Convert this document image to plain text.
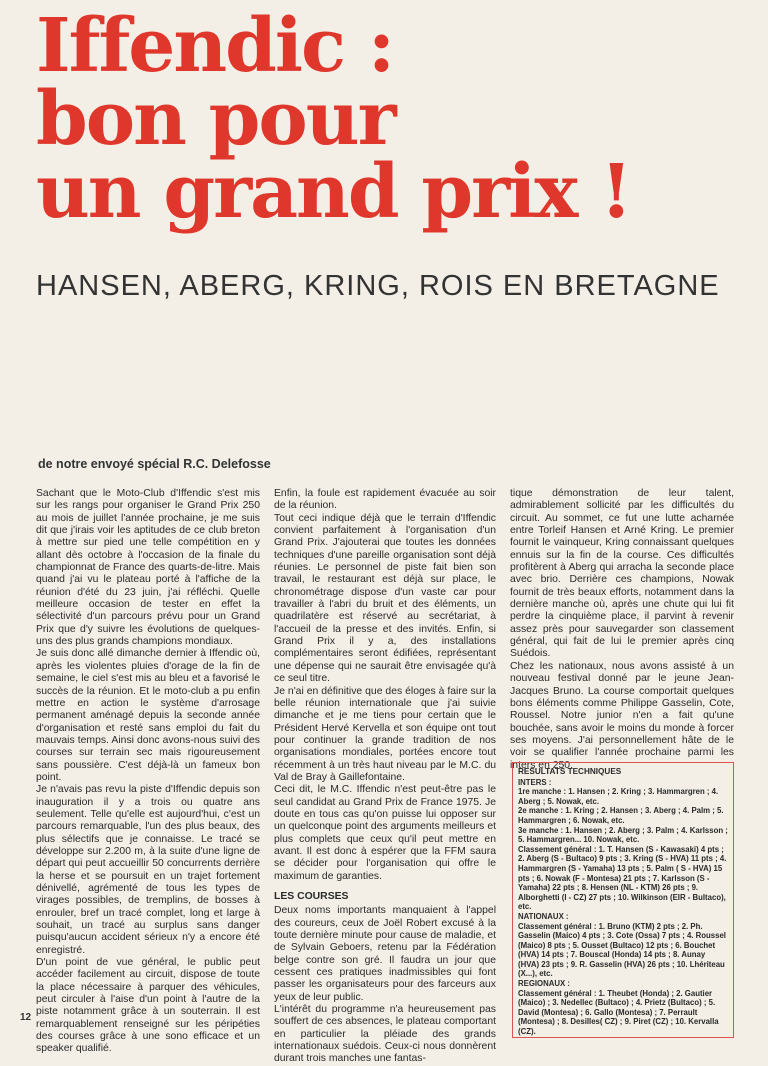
Iffendic :
bon pour
un grand prix !
HANSEN, ABERG, KRING, ROIS EN BRETAGNE
de notre envoyé spécial R.C. Delefosse

Sachant que le Moto-Club d'Iffendic s'est mis sur les rangs pour organiser le Grand Prix 250 au mois de juillet l'année prochaine, je me suis dit que j'irais voir les aptitudes de ce club breton à mettre sur pied une telle compétition en y allant dès octobre à l'occasion de la finale du championnat de France des quarts-de-litre. Mais quand j'ai vu le plateau porté à l'affiche de la réunion d'été du 23 juin, j'ai réfléchi. Quelle meilleure occasion de tester en effet la sélectivité d'un parcours prévu pour un Grand Prix que d'y suivre les évolutions de quelques-uns des plus grands champions mondiaux.

Je suis donc allé dimanche dernier à Iffendic où, après les violentes pluies d'orage de la fin de semaine, le ciel s'est mis au bleu et a favorisé le succès de la réunion. Et le moto-club a pu enfin mettre en action le système d'arrosage permanent aménagé depuis la seconde année d'organisation et resté sans emploi du fait du mauvais temps. Ainsi donc avons-nous suivi des courses sur terrain sec mais rigoureusement sans poussière. C'est déjà-là un fameux bon point.

Je n'avais pas revu la piste d'Iffendic depuis son inauguration il y a trois ou quatre ans seulement. Telle qu'elle est aujourd'hui, c'est un parcours remarquable, l'un des plus beaux, des plus sélectifs que je connaisse. Le tracé se développe sur 2.200 m, à la suite d'une ligne de départ qui peut accueillir 50 concurrents derrière la herse et se poursuit en un trajet fortement dénivellé, agrémenté de tous les types de virages possibles, de tremplins, de bosses à enrouler, bref un tracé complet, long et large à souhait, un tracé au surplus sans danger puisqu'aucun accident sérieux n'y a encore été enregistré.

D'un point de vue général, le public peut accéder facilement au circuit, dispose de toute la place nécessaire à parquer des véhicules, peut circuler à l'aise d'un point à l'autre de la piste notamment grâce à un souterrain. Il est remarquablement renseigné sur les péripéties des courses grâce à une sono efficace et un speaker qualifié.

Enfin, la foule est rapidement évacuée au soir de la réunion.

Tout ceci indique déjà que le terrain d'Iffendic convient parfaitement à l'organisation d'un Grand Prix. J'ajouterai que toutes les données techniques d'une pareille organisation sont déjà réunies. Le personnel de piste fait bien son travail, le restaurant est déjà sur place, le chronométrage dispose d'un vaste car pour travailler à l'abri du bruit et des éléments, un quadrilatère est réservé au secrétariat, à l'accueil de la presse et des invités. Enfin, si Grand Prix il y a, des installations complémentaires seront édifiées, représentant une dépense qui ne saurait être envisagée qu'à ce seul titre.

Je n'ai en définitive que des éloges à faire sur la belle réunion internationale que j'ai suivie dimanche et je me tiens pour certain que le Président Hervé Kervella et son équipe ont tout pour continuer la grande tradition de nos organisations mondiales, portées encore tout récemment à un très haut niveau par le M.C. du Val de Bray à Gaillefontaine.

Ceci dit, le M.C. Iffendic n'est peut-être pas le seul candidat au Grand Prix de France 1975. Je doute en tous cas qu'on puisse lui opposer sur un quelconque point des arguments meilleurs et plus complets que ceux qu'il peut mettre en avant. Il est donc à espérer que la FFM saura se décider pour l'organisation qui offre le maximum de garanties.

LES COURSES

Deux noms importants manquaient à l'appel des coureurs, ceux de Joël Robert excusé à la toute dernière minute pour cause de maladie, et de Sylvain Geboers, retenu par la Fédération belge contre son gré. Il faudra un jour que cessent ces pratiques inadmissibles qui font passer les organisateurs pour des farceurs aux yeux de leur public.

L'intérêt du programme n'a heureusement pas souffert de ces absences, le plateau comportant en particulier la pléiade des grands internationaux suédois. Ceux-ci nous donnèrent durant trois manches une fantas-

tique démonstration de leur talent, admirablement sollicité par les difficultés du circuit. Au sommet, ce fut une lutte acharnée entre Torleif Hansen et Arné Kring. Le premier fournit le vainqueur, Kring connaissant quelques ennuis sur la fin de la course. Ces difficultés profitèrent à Aberg qui arracha la seconde place avec brio. Derrière ces champions, Nowak fournit de très beaux efforts, notamment dans la dernière manche où, après une chute qui lui fit perdre la cinquième place, il parvint à revenir assez près pour sauvegarder son classement général, qui fait de lui le premier après cinq Suédois.

Chez les nationaux, nous avons assisté à un nouveau festival donné par le jeune Jean-Jacques Bruno. La course comportait quelques bons éléments comme Philippe Gasselin, Cote, Roussel. Notre junior n'en a fait qu'une bouchée, sans avoir le moins du monde à forcer ses moyens. J'ai personnellement hâte de le voir se qualifier l'année prochaine parmi les inters en 250.

RESULTATS TECHNIQUES

INTERS :

1re manche : 1. Hansen ; 2. Kring ; 3. Hammargren ; 4. Aberg ; 5. Nowak, etc.

2e manche : 1. Kring ; 2. Hansen ; 3. Aberg ; 4. Palm ; 5. Hammargren ; 6. Nowak, etc.

3e manche : 1. Hansen ; 2. Aberg ; 3. Palm ; 4. Karlsson ; 5. Hammargren... 10. Nowak, etc.

Classement général : 1. T. Hansen (S - Kawasaki) 4 pts ; 2. Aberg (S - Bultaco) 9 pts ; 3. Kring (S - HVA) 11 pts ; 4. Hammargren (S - Yamaha) 13 pts ; 5. Palm ( S - HVA) 15 pts ; 6. Nowak (F - Montesa) 21 pts ; 7. Karlsson (S - Yamaha) 22 pts ; 8. Hensen (NL - KTM) 26 pts ; 9. Alborghetti (I - CZ) 27 pts ; 10. Wilkinson (EIR - Bultaco), etc.

NATIONAUX :

Classement général : 1. Bruno (KTM) 2 pts ; 2. Ph. Gasselin (Maico) 4 pts ; 3. Cote (Ossa) 7 pts ; 4. Roussel (Maico) 8 pts ; 5. Ousset (Bultaco) 12 pts ; 6. Bouchet (HVA) 14 pts ; 7. Bouscal (Honda) 14 pts ; 8. Aunay (HVA) 23 pts ; 9. R. Gasselin (HVA) 26 pts ; 10. Lhériteau (X...), etc.

REGIONAUX :

Classement général : 1. Theubet (Honda) ; 2. Gautier (Maico) ; 3. Nedellec (Bultaco) ; 4. Prietz (Bultaco) ; 5. David (Montesa) ; 6. Gallo (Montesa) ; 7. Perrault (Montesa) ; 8. Desilles( CZ) ; 9. Piret (CZ) ; 10. Kervalla (CZ).

12
